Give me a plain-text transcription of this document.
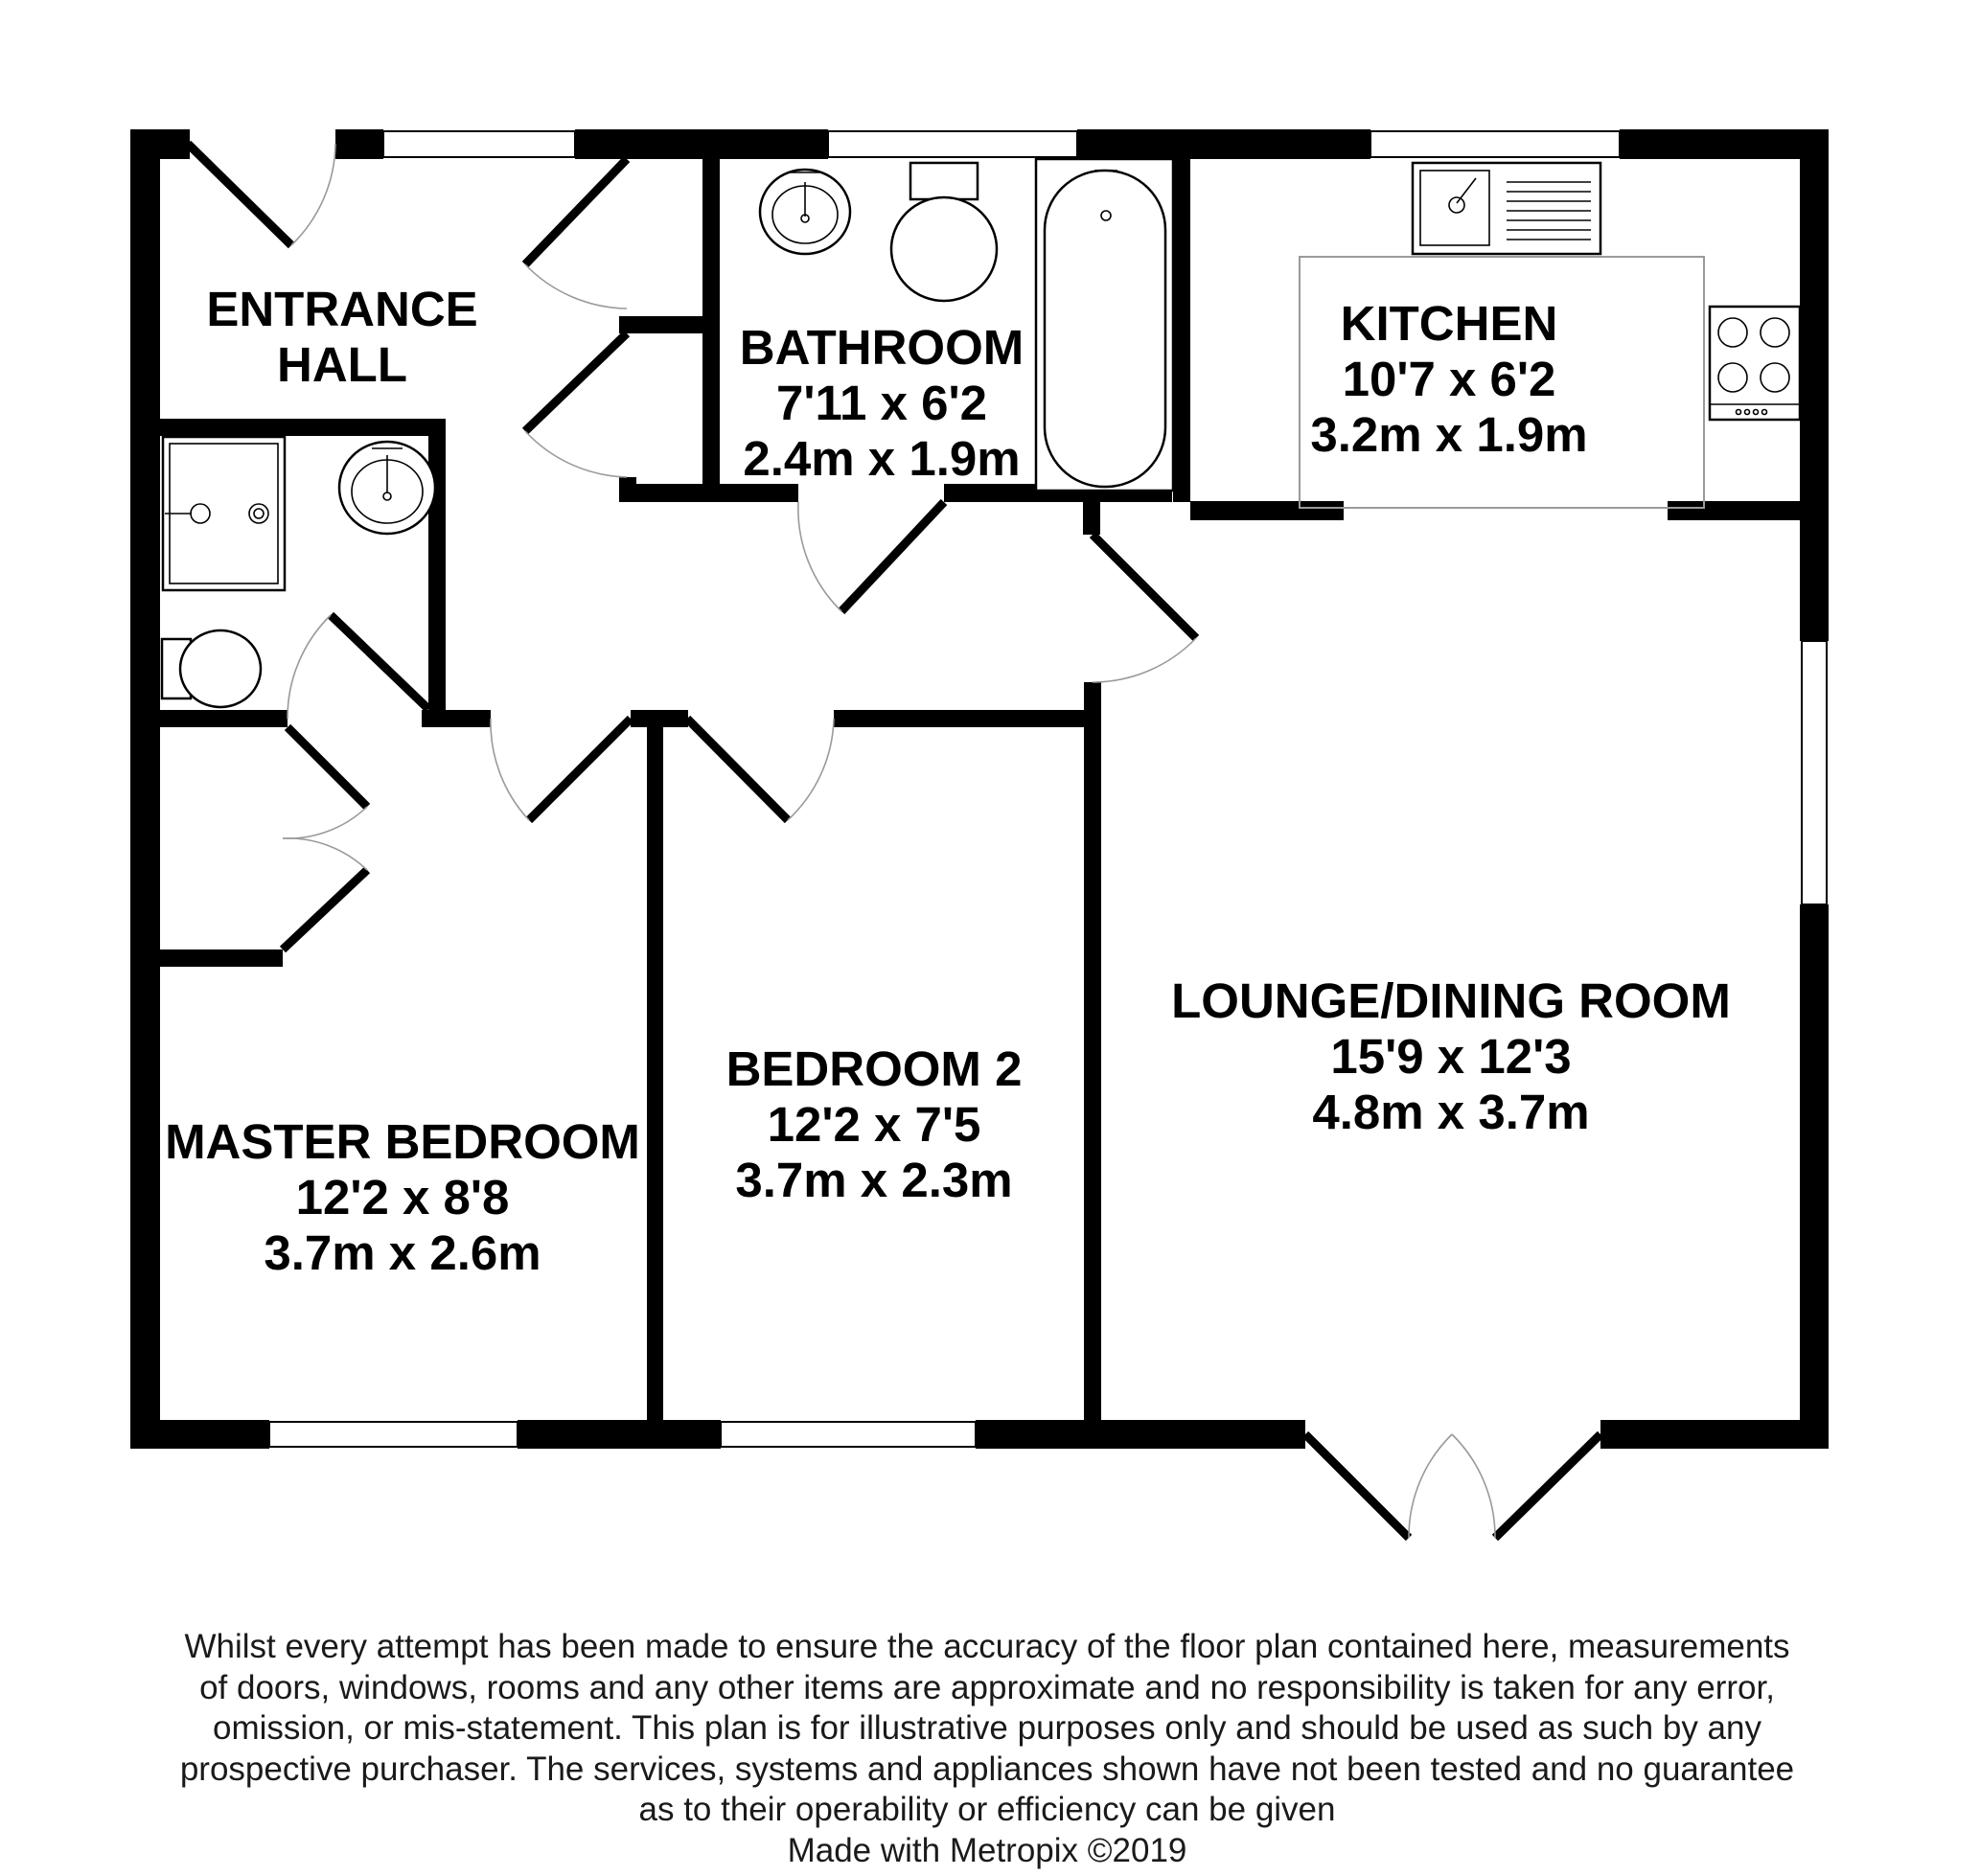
ENTRANCE
HALL	BATHROOM
7'11 x 6'2
2.4m x 1.9m
KITCHEN
10'7 x 6'2
3.2m x 1.9m
LOUNGE/DINING ROOM
15'9 x 12'3
4.8m x 3.7m
BEDROOM 2
12'2 x 7'5
3.7m x 2.3m
MASTER BEDROOM
12'2 x 8'8
3.7m x 2.6m
Whilst every attempt has been made to ensure the accuracy of the floor plan contained here, measurements
of doors, windows, rooms and any other items are approximate and no responsibility is taken for any error,
omission, or mis-statement. This plan is for illustrative purposes only and should be used as such by any
prospective purchaser. The services, systems and appliances shown have not been tested and no guarantee
as to their operability or efficiency can be given
Made with Metropix ©2019
